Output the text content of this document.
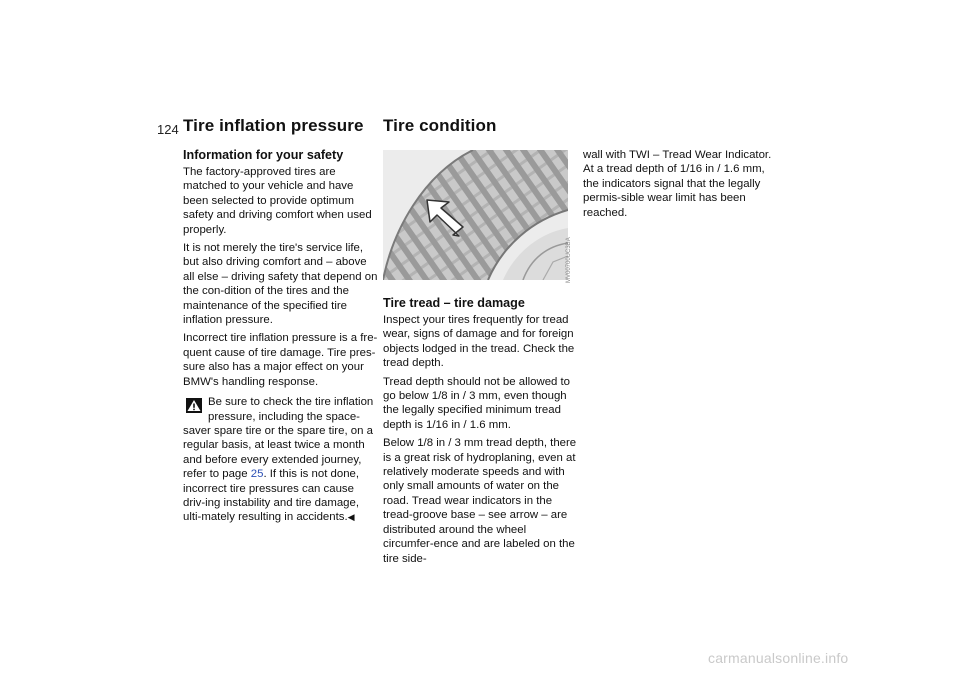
124 Tire inflation pressure Tire condition
Information for your safety

The factory-approved tires are matched to your vehicle and have been selected to provide optimum safety and driving comfort when used properly.

It is not merely the tire's service life, but also driving comfort and – above all else – driving safety that depend on the con-dition of the tires and the maintenance of the specified tire inflation pressure.

Incorrect tire inflation pressure is a fre-quent cause of tire damage. Tire pres-sure also has a major effect on your BMW's handling response.

Be sure to check the tire inflation
pressure, including the space-
saver spare tire or the spare tire, on a regular basis, at least twice a month and before every extended journey, refer to page 25. If this is not done, incorrect tire pressures can cause driv-ing instability and tire damage, ulti-mately resulting in accidents.◀
MV00700UC3BA
Tire tread – tire damage

Inspect your tires frequently for tread wear, signs of damage and for foreign objects lodged in the tread. Check the tread depth.

Tread depth should not be allowed to go below 1/8 in / 3 mm, even though the legally specified minimum tread depth is 1/16 in / 1.6 mm.

Below 1/8 in / 3 mm tread depth, there is a great risk of hydroplaning, even at relatively moderate speeds and with only small amounts of water on the road. Tread wear indicators in the tread-groove base – see arrow – are distributed around the wheel circumfer-ence and are labeled on the tire side-

wall with TWI – Tread Wear Indicator. At a tread depth of 1/16 in / 1.6 mm, the indicators signal that the legally permis-sible wear limit has been reached.

carmanualsonline.info
